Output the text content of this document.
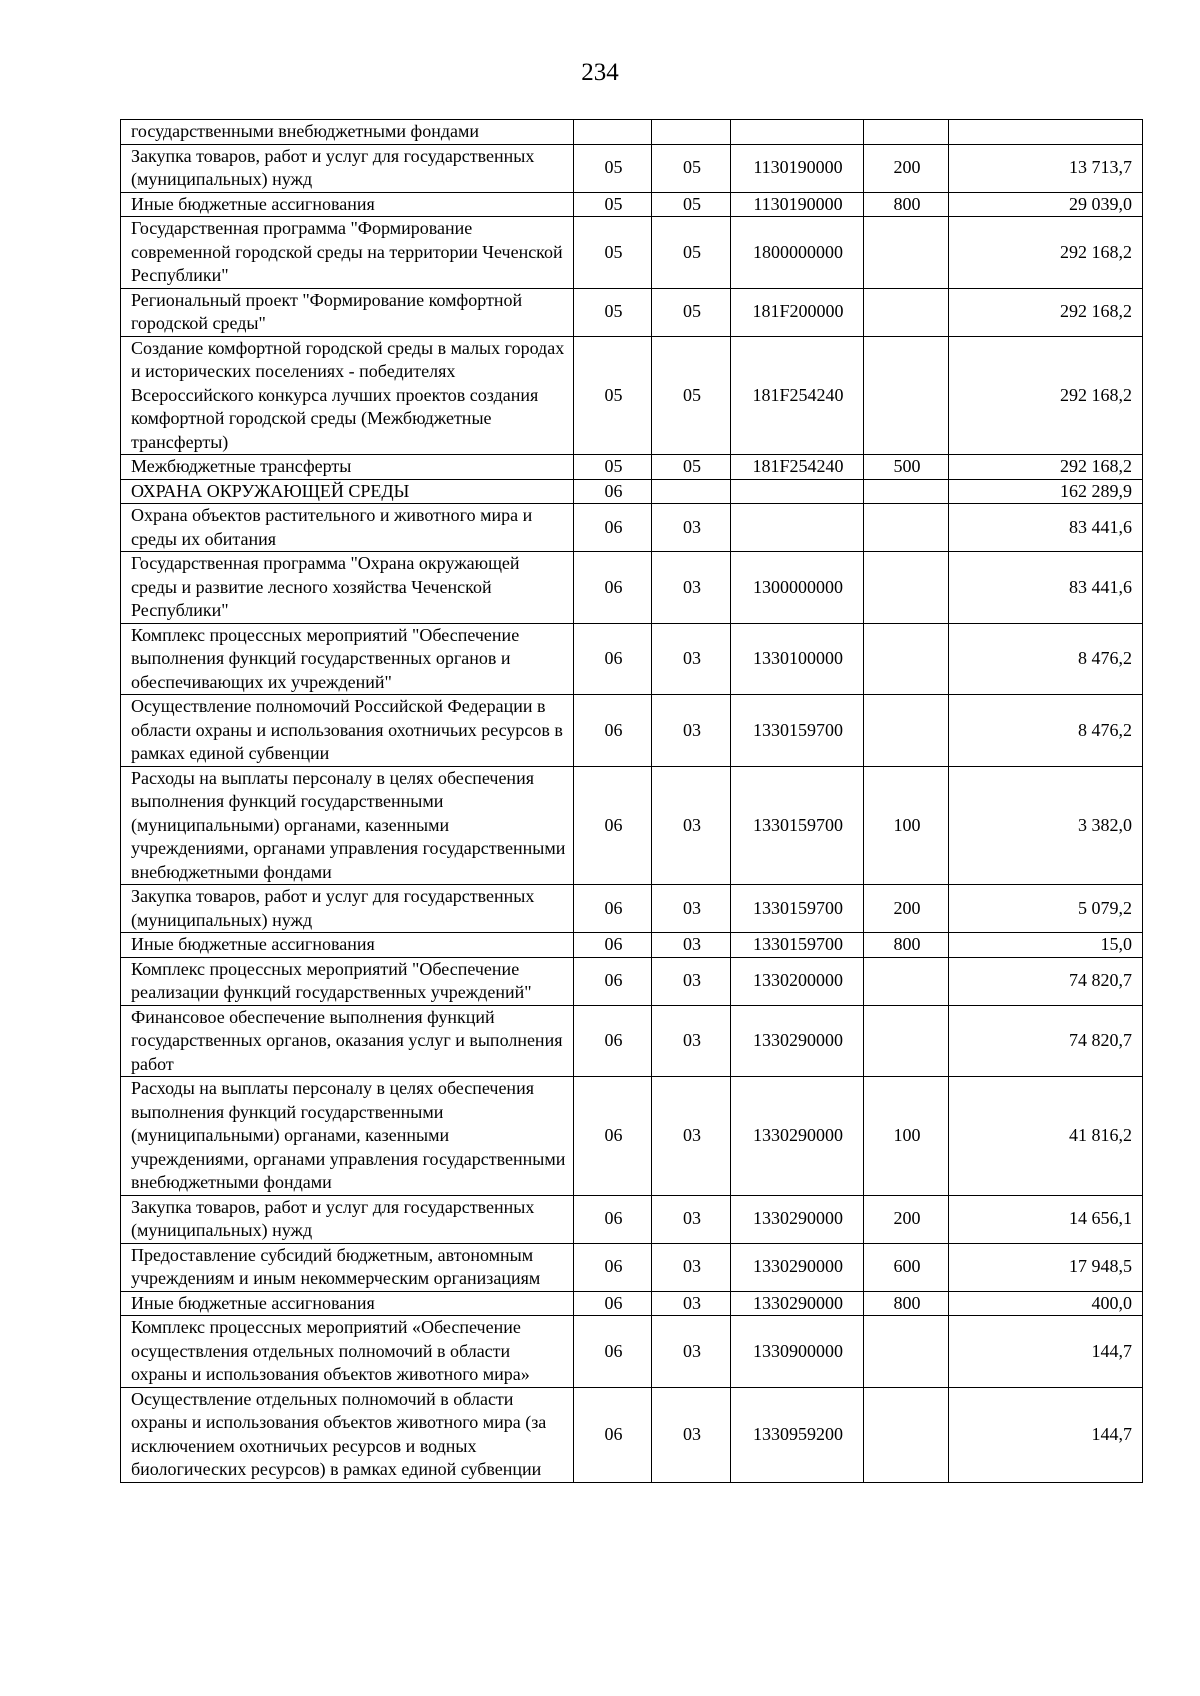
234
государственными внебюджетными фондами					
Закупка товаров, работ и услуг для государственных (муниципальных) нужд	05	05	1130190000	200	13 713,7
Иные бюджетные ассигнования	05	05	1130190000	800	29 039,0
Государственная программа "Формирование современной городской среды на территории Чеченской Республики"	05	05	1800000000		292 168,2
Региональный проект "Формирование комфортной городской среды"	05	05	181F200000		292 168,2
Создание комфортной городской среды в малых городах и исторических поселениях - победителях Всероссийского конкурса лучших проектов создания комфортной городской среды (Межбюджетные трансферты)	05	05	181F254240		292 168,2
Межбюджетные трансферты	05	05	181F254240	500	292 168,2
ОХРАНА ОКРУЖАЮЩЕЙ СРЕДЫ	06				162 289,9
Охрана объектов растительного и животного мира и среды их обитания	06	03			83 441,6
Государственная программа "Охрана окружающей среды и развитие лесного хозяйства Чеченской Республики"	06	03	1300000000		83 441,6
Комплекс процессных мероприятий "Обеспечение выполнения функций государственных органов и обеспечивающих их учреждений"	06	03	1330100000		8 476,2
Осуществление полномочий Российской Федерации в области охраны и использования охотничьих ресурсов в рамках единой субвенции	06	03	1330159700		8 476,2
Расходы на выплаты персоналу в целях обеспечения выполнения функций государственными (муниципальными) органами, казенными учреждениями, органами управления государственными внебюджетными фондами	06	03	1330159700	100	3 382,0
Закупка товаров, работ и услуг для государственных (муниципальных) нужд	06	03	1330159700	200	5 079,2
Иные бюджетные ассигнования	06	03	1330159700	800	15,0
Комплекс процессных мероприятий "Обеспечение реализации функций государственных учреждений"	06	03	1330200000		74 820,7
Финансовое обеспечение выполнения функций государственных органов, оказания услуг и выполнения работ	06	03	1330290000		74 820,7
Расходы на выплаты персоналу в целях обеспечения выполнения функций государственными (муниципальными) органами, казенными учреждениями, органами управления государственными внебюджетными фондами	06	03	1330290000	100	41 816,2
Закупка товаров, работ и услуг для государственных (муниципальных) нужд	06	03	1330290000	200	14 656,1
Предоставление субсидий бюджетным, автономным учреждениям и иным некоммерческим организациям	06	03	1330290000	600	17 948,5
Иные бюджетные ассигнования	06	03	1330290000	800	400,0
Комплекс процессных мероприятий «Обеспечение осуществления отдельных полномочий в области охраны и использования объектов животного мира»	06	03	1330900000		144,7
Осуществление отдельных полномочий в области охраны и использования объектов животного мира (за исключением охотничьих ресурсов и водных биологических ресурсов) в рамках единой субвенции	06	03	1330959200		144,7
